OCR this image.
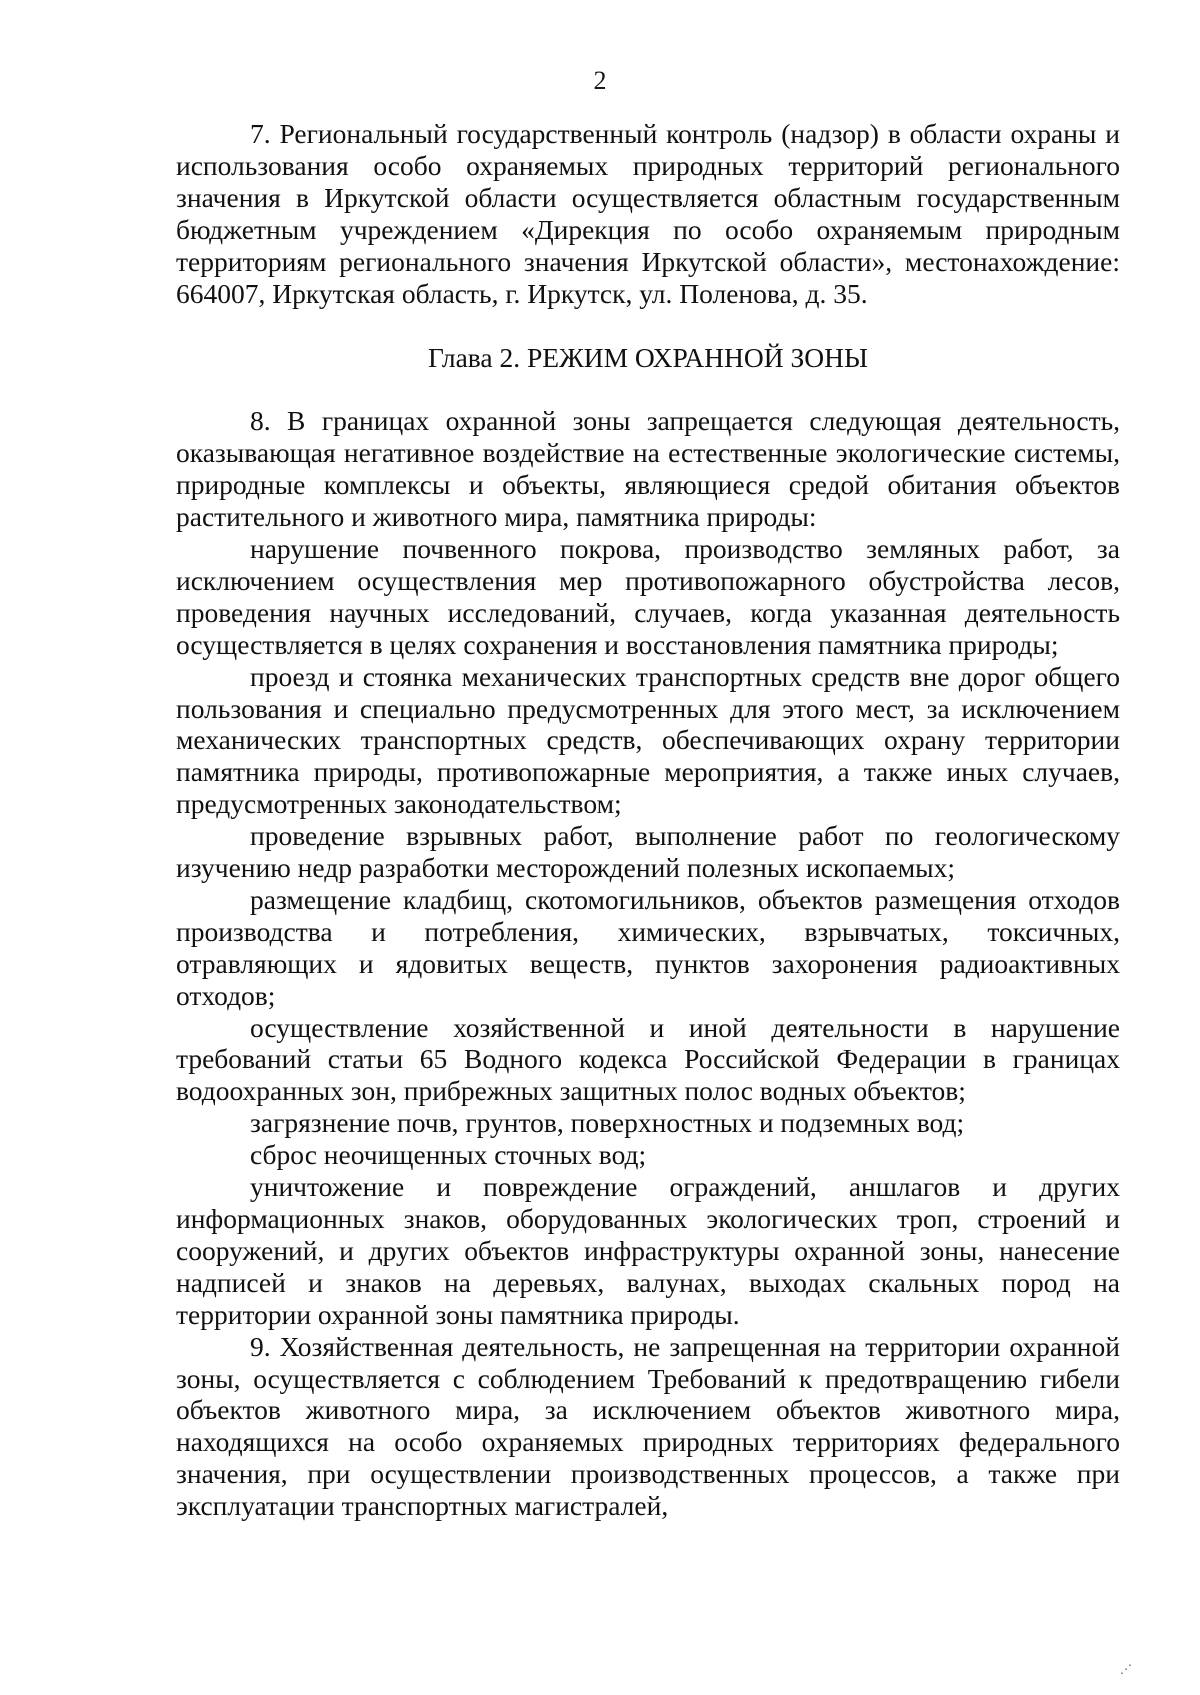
2

7. Региональный государственный контроль (надзор) в области охраны и использования особо охраняемых природных территорий регионального значения в Иркутской области осуществляется областным государственным бюджетным учреждением «Дирекция по особо охраняемым природным территориям регионального значения Иркутской области», местонахождение: 664007, Иркутская область, г. Иркутск, ул. Поленова, д. 35.

Глава 2. РЕЖИМ ОХРАННОЙ ЗОНЫ

8. В границах охранной зоны запрещается следующая деятельность, оказывающая негативное воздействие на естественные экологические системы, природные комплексы и объекты, являющиеся средой обитания объектов растительного и животного мира, памятника природы:

нарушение почвенного покрова, производство земляных работ, за исключением осуществления мер противопожарного обустройства лесов, проведения научных исследований, случаев, когда указанная деятельность осуществляется в целях сохранения и восстановления памятника природы;

проезд и стоянка механических транспортных средств вне дорог общего пользования и специально предусмотренных для этого мест, за исключением механических транспортных средств, обеспечивающих охрану территории памятника природы, противопожарные мероприятия, а также иных случаев, предусмотренных законодательством;

проведение взрывных работ, выполнение работ по геологическому изучению недр разработки месторождений полезных ископаемых;

размещение кладбищ, скотомогильников, объектов размещения отходов производства и потребления, химических, взрывчатых, токсичных, отравляющих и ядовитых веществ, пунктов захоронения радиоактивных отходов;

осуществление хозяйственной и иной деятельности в нарушение требований статьи 65 Водного кодекса Российской Федерации в границах водоохранных зон, прибрежных защитных полос водных объектов;

загрязнение почв, грунтов, поверхностных и подземных вод;

сброс неочищенных сточных вод;

уничтожение и повреждение ограждений, аншлагов и других информационных знаков, оборудованных экологических троп, строений и сооружений, и других объектов инфраструктуры охранной зоны, нанесение надписей и знаков на деревьях, валунах, выходах скальных пород на территории охранной зоны памятника природы.

9. Хозяйственная деятельность, не запрещенная на территории охранной зоны, осуществляется с соблюдением Требований к предотвращению гибели объектов животного мира, за исключением объектов животного мира, находящихся на особо охраняемых природных территориях федерального значения, при осуществлении производственных процессов, а также при эксплуатации транспортных магистралей,

⋰
